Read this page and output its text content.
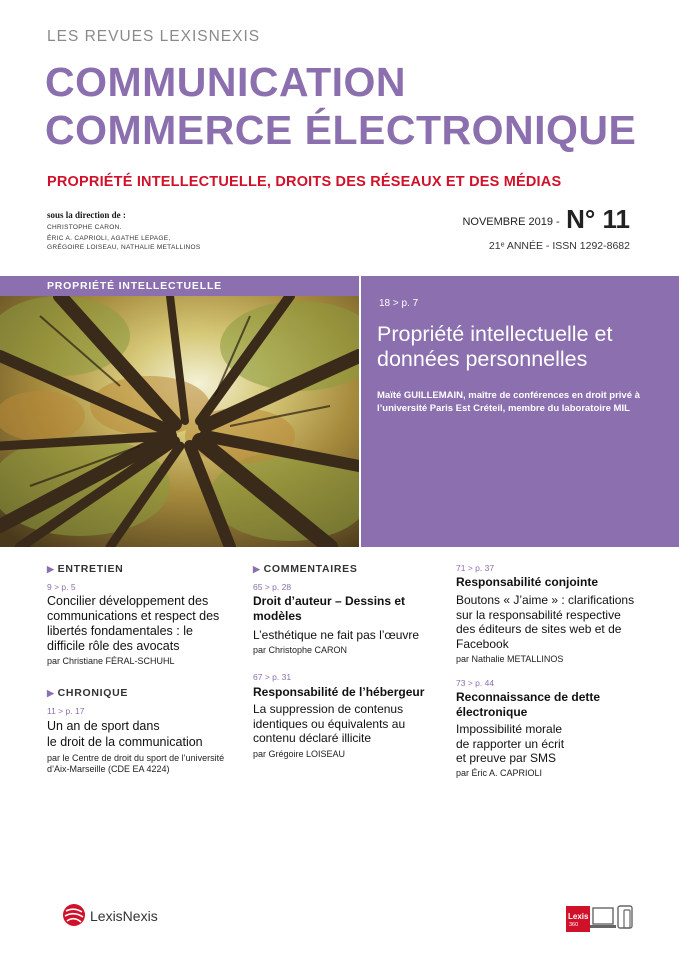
LES REVUES LEXISNEXIS
COMMUNICATION
COMMERCE ÉLECTRONIQUE
PROPRIÉTÉ INTELLECTUELLE, DROITS DES RÉSEAUX ET DES MÉDIAS
sous la direction de :
CHRISTOPHE CARON.
ÉRIC A. CAPRIOLI, AGATHE LEPAGE,
GRÉGOIRE LOISEAU, NATHALIE METALLINOS
NOVEMBRE 2019 - N° 11
21ᵉ ANNÉE - ISSN 1292-8682
PROPRIÉTÉ INTELLECTUELLE
18 > p. 7
Propriété intellectuelle et données personnelles
Maïté GUILLEMAIN, maître de conférences en droit privé à l’université Paris Est Créteil, membre du laboratoire MIL
▶ ENTRETIEN
9 > p. 5
Concilier développement des communications et respect des libertés fondamentales : le difficile rôle des avocats
par Christiane FÉRAL-SCHUHL
▶ CHRONIQUE
11 > p. 17
Un an de sport dans
le droit de la communication
par le Centre de droit du sport de l’université d’Aix-Marseille (CDE EA 4224)
▶ COMMENTAIRES
65 > p. 28
Droit d’auteur – Dessins et modèles
L’esthétique ne fait pas l’œuvre
par Christophe CARON
67 > p. 31
Responsabilité de l’hébergeur
La suppression de contenus identiques ou équivalents au contenu déclaré illicite
par Grégoire LOISEAU
71 > p. 37
Responsabilité conjointe
Boutons « J’aime » : clarifications sur la responsabilité respective des éditeurs de sites web et de Facebook
par Nathalie METALLINOS
73 > p. 44
Reconnaissance de dette électronique
Impossibilité morale
de rapporter un écrit
et preuve par SMS
par Éric A. CAPRIOLI
LexisNexis	Lexis
360
